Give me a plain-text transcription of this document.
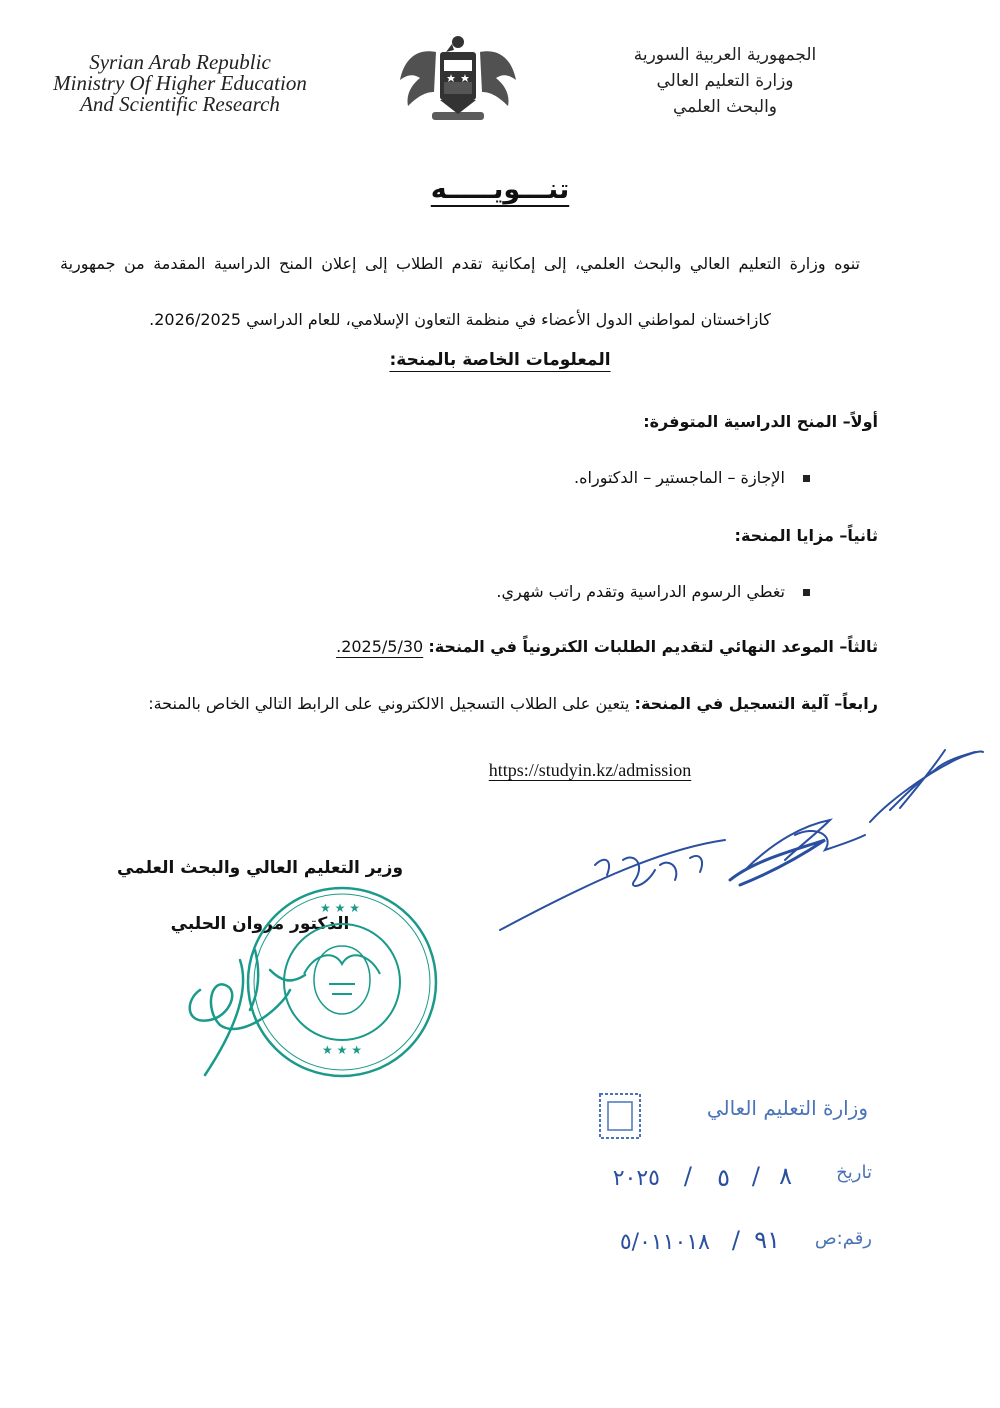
Syrian Arab Republic
Ministry Of Higher Education
And Scientific Research
الجمهورية العربية السورية
وزارة التعليم العالي
والبحث العلمي
تنـــويـــــه
تنوه وزارة التعليم العالي والبحث العلمي، إلى إمكانية تقدم الطلاب إلى إعلان المنح الدراسية المقدمة من جمهورية كازاخستان لمواطني الدول الأعضاء في منظمة التعاون الإسلامي، للعام الدراسي 2026/2025.
المعلومات الخاصة بالمنحة:
أولاً– المنح الدراسية المتوفرة:
الإجازة – الماجستير – الدكتوراه.
ثانياً– مزايا المنحة:
تغطي الرسوم الدراسية وتقدم راتب شهري.
ثالثاً– الموعد النهائي لتقديم الطلبات الكترونياً في المنحة: 2025/5/30.
رابعاً– آلية التسجيل في المنحة: يتعين على الطلاب التسجيل الالكتروني على الرابط التالي الخاص بالمنحة:
https://studyin.kz/admission
وزير التعليم العالي والبحث العلمي
الدكتور مروان الحلبي
★ ★ ★
★ ★ ★
وزارة التعليم العالي
تاريخ
٨
/
٥
/
٢٠٢٥
رقم:ص
٩١
/
٥/٠١١٠١٨
